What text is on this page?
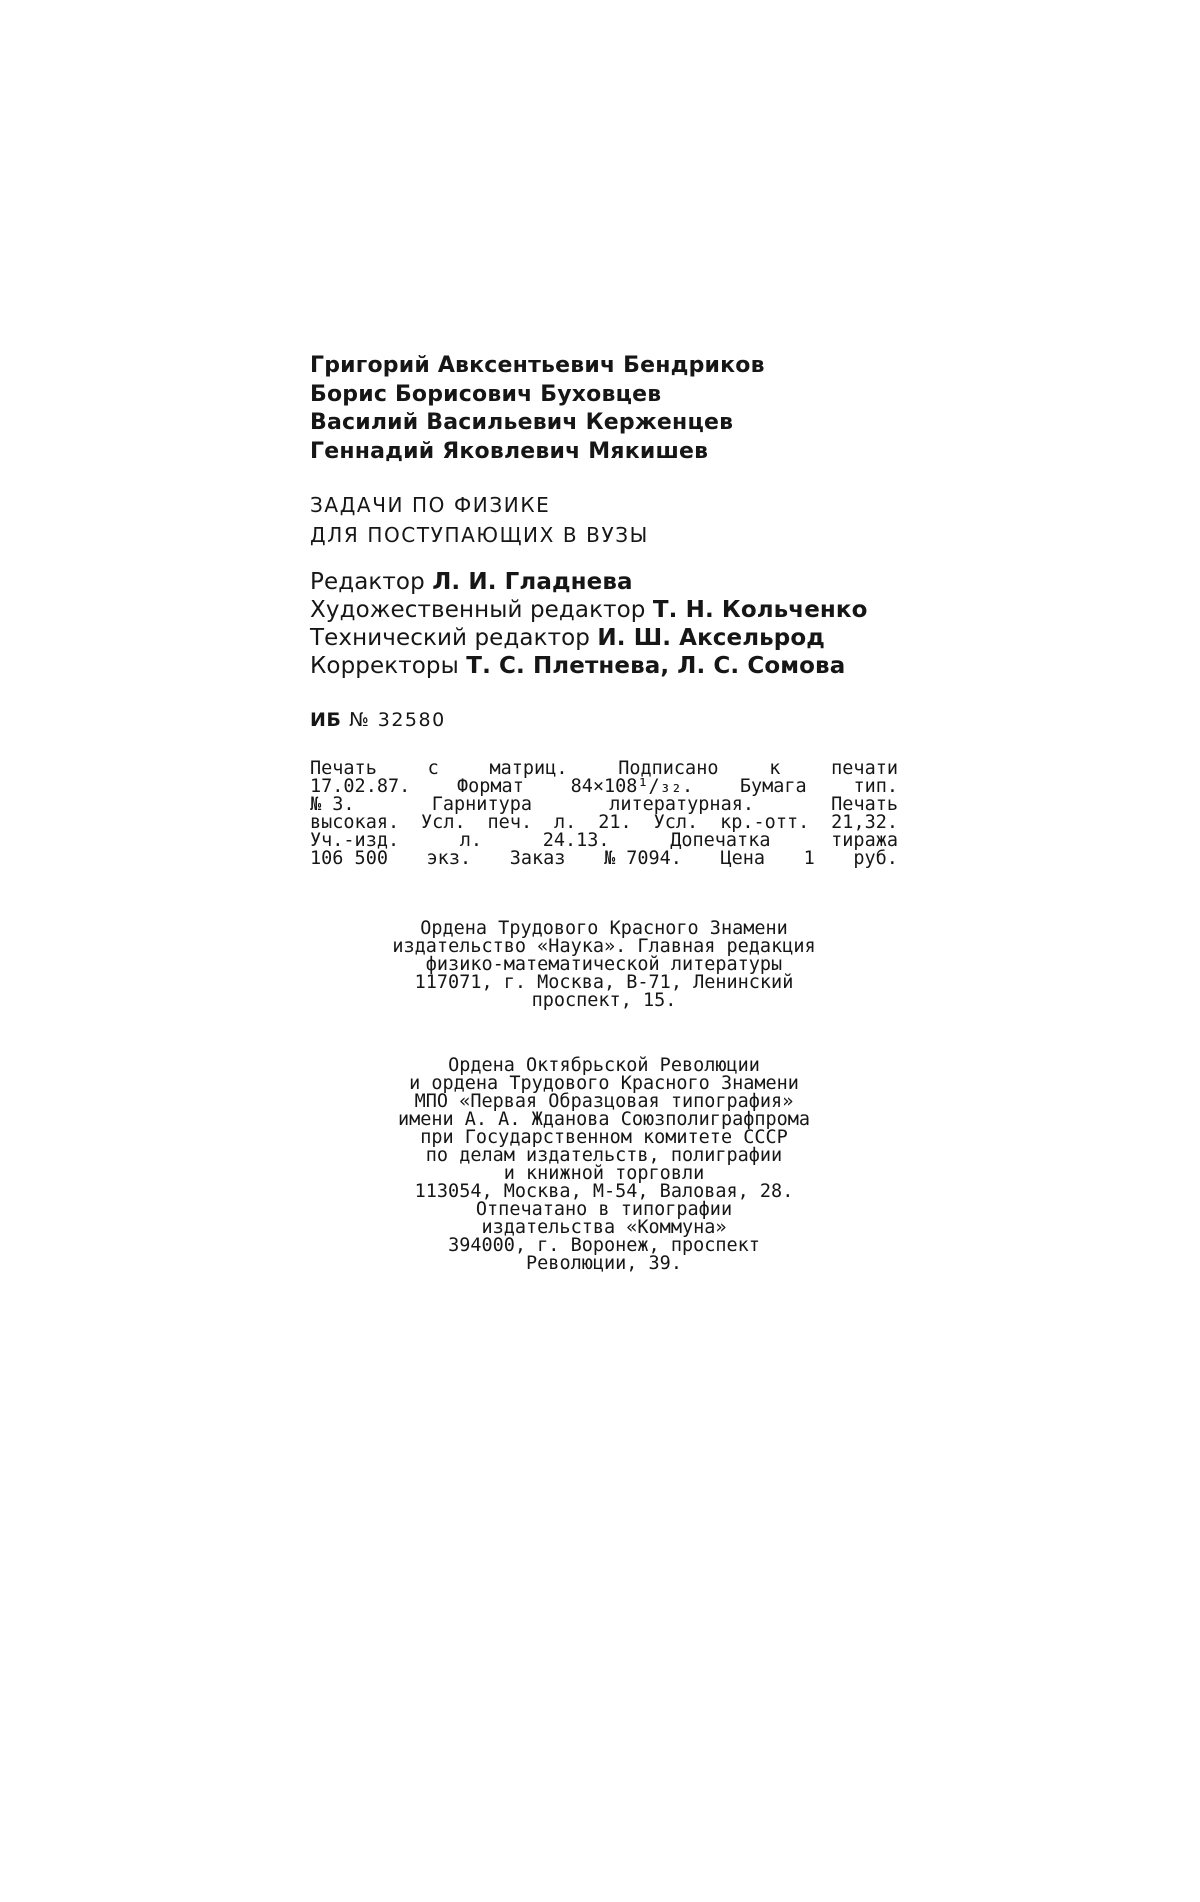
Григорий Авксентьевич Бендриков
Борис Борисович Буховцев
Василий Васильевич Керженцев
Геннадий Яковлевич Мякишев
ЗАДАЧИ ПО ФИЗИКЕ
ДЛЯ ПОСТУПАЮЩИХ В ВУЗЫ
Редактор Л. И. Гладнева
Художественный редактор Т. Н. Кольченко
Технический редактор И. Ш. Аксельрод
Корректоры Т. С. Плетнева, Л. С. Сомова
ИБ № 32580
Печать	с	матриц.	Подписано	к	печати
17.02.87.	Формат	84×108¹/₃₂.	Бумага	тип.
№ 3.	Гарнитура	литературная.	Печать
высокая. Усл. печ. л. 21. Усл. кр.-отт. 21,32.
Уч.-изд.	л.	24.13.	Допечатка	тиража
106 500 экз. Заказ № 7094. Цена 1 руб.
Ордена Трудового Красного Знамени
издательство «Наука». Главная редакция
физико-математической литературы
117071, г. Москва, В-71, Ленинский
проспект, 15.
Ордена Октябрьской Революции
и ордена Трудового Красного Знамени
МПО «Первая Образцовая типография»
имени А. А. Жданова Союзполиграфпрома
при Государственном комитете СССР
по делам издательств, полиграфии
и книжной торговли
113054, Москва, М-54, Валовая, 28.
Отпечатано в типографии
издательства «Коммуна»
394000, г. Воронеж, проспект
Революции, 39.
